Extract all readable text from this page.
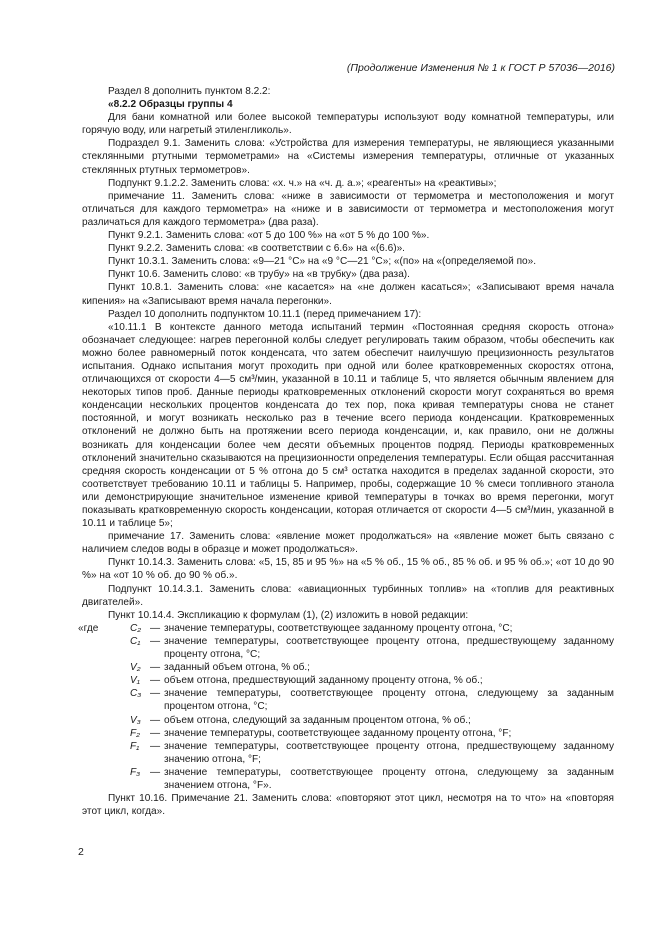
(Продолжение Изменения № 1 к ГОСТ Р 57036—2016)

Раздел 8 дополнить пунктом 8.2.2:

«8.2.2 Образцы группы 4

Для бани комнатной или более высокой температуры используют воду комнатной температуры, или горячую воду, или нагретый этиленгликоль».

Подраздел 9.1. Заменить слова: «Устройства для измерения температуры, не являющиеся указанными стеклянными ртутными термометрами» на «Системы измерения температуры, отличные от указанных стеклянных ртутных термометров».

Подпункт 9.1.2.2. Заменить слова: «х. ч.» на «ч. д. а.»; «реагенты» на «реактивы»;

примечание 11. Заменить слова: «ниже в зависимости от термометра и местоположения и могут отличаться для каждого термометра» на «ниже и в зависимости от термометра и местоположения могут различаться для каждого термометра» (два раза).

Пункт 9.2.1. Заменить слова: «от 5 до 100 %» на «от 5 % до 100 %».

Пункт 9.2.2. Заменить слова: «в соответствии с 6.6» на «(6.6)».

Пункт 10.3.1. Заменить слова: «9—21 °С» на «9 °С—21 °С»; «(по» на «(определяемой по».

Пункт 10.6. Заменить слово: «в трубу» на «в трубку» (два раза).

Пункт 10.8.1. Заменить слова: «не касается» на «не должен касаться»; «Записывают время начала кипения» на «Записывают время начала перегонки».

Раздел 10 дополнить подпунктом 10.11.1 (перед примечанием 17):

«10.11.1 В контексте данного метода испытаний термин «Постоянная средняя скорость отгона» обозначает следующее: нагрев перегонной колбы следует регулировать таким образом, чтобы обеспечить как можно более равномерный поток конденсата, что затем обеспечит наилучшую прецизионность результатов испытания. Однако испытания могут проходить при одной или более кратковременных скоростях отгона, отличающихся от скорости 4—5 см³/мин, указанной в 10.11 и таблице 5, что является обычным явлением для некоторых типов проб. Данные периоды кратковременных отклонений скорости могут сохраняться во время конденсации нескольких процентов конденсата до тех пор, пока кривая температуры снова не станет постоянной, и могут возникать несколько раз в течение всего периода конденсации. Кратковременных отклонений не должно быть на протяжении всего периода конденсации, и, как правило, они не должны возникать для конденсации более чем десяти объемных процентов подряд. Периоды кратковременных отклонений значительно сказываются на прецизионности определения температуры. Если общая рассчитанная средняя скорость конденсации от 5 % отгона до 5 см³ остатка находится в пределах заданной скорости, это соответствует требованию 10.11 и таблицы 5. Например, пробы, содержащие 10 % смеси топливного этанола или демонстрирующие значительное изменение кривой температуры в точках во время перегонки, могут показывать кратковременную скорость конденсации, которая отличается от скорости 4—5 см³/мин, указанной в 10.11 и таблице 5»;

примечание 17. Заменить слова: «явление может продолжаться» на «явление может быть связано с наличием следов воды в образце и может продолжаться».

Пункт 10.14.3. Заменить слова: «5, 15, 85 и 95 %» на «5 % об., 15 % об., 85 % об. и 95 % об.»; «от 10 до 90 %» на «от 10 % об. до 90 % об.».

Подпункт 10.14.3.1. Заменить слова: «авиационных турбинных топлив» на «топлив для реактивных двигателей».

Пункт 10.14.4. Экспликацию к формулам (1), (2) изложить в новой редакции:

«где	C₂ — значение температуры, соответствующее заданному проценту отгона, °С;
C₁ — значение температуры, соответствующее проценту отгона, предшествующему заданному проценту отгона, °С;
V₂ — заданный объем отгона, % об.;
V₁ — объем отгона, предшествующий заданному проценту отгона, % об.;
C₃ — значение температуры, соответствующее проценту отгона, следующему за заданным процентом отгона, °С;
V₃ — объем отгона, следующий за заданным процентом отгона, % об.;
F₂ — значение температуры, соответствующее заданному проценту отгона, °F;
F₁	— значение температуры, соответствующее проценту отгона, предшествующему заданному значению отгона, °F;
F₃ — значение температуры, соответствующее проценту отгона, следующему за заданным значением отгона, °F».

Пункт 10.16. Примечание 21. Заменить слова: «повторяют этот цикл, несмотря на то что» на «повторяя этот цикл, когда».

2
